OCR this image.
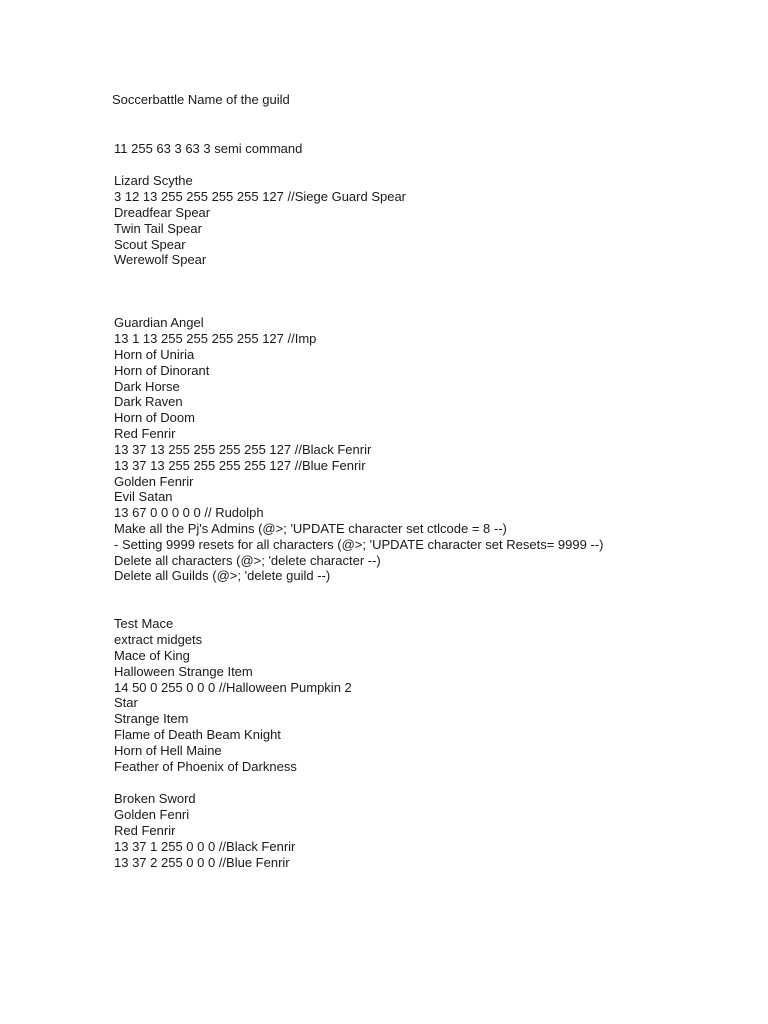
Soccerbattle Name of the guild
11 255 63 3 63 3 semi command
Lizard Scythe
3 12 13 255 255 255 255 127 //Siege Guard Spear
Dreadfear Spear
Twin Tail Spear
Scout Spear
Werewolf Spear
Guardian Angel
13 1 13 255 255 255 255 127 //Imp
Horn of Uniria
Horn of Dinorant
Dark Horse
Dark Raven
Horn of Doom
Red Fenrir
13 37 13 255 255 255 255 127 //Black Fenrir
13 37 13 255 255 255 255 127 //Blue Fenrir
Golden Fenrir
Evil Satan
13 67 0 0 0 0 0 // Rudolph
Make all the Pj's Admins (@>; 'UPDATE character set ctlcode = 8 --)
- Setting 9999 resets for all characters (@>; 'UPDATE character set Resets= 9999 --)
Delete all characters (@>; 'delete character --)
Delete all Guilds (@>; 'delete guild --)
Test Mace
extract midgets
Mace of King
Halloween Strange Item
14 50 0 255 0 0 0 //Halloween Pumpkin 2
Star
Strange Item
Flame of Death Beam Knight
Horn of Hell Maine
Feather of Phoenix of Darkness
Broken Sword
Golden Fenri
Red Fenrir
13 37 1 255 0 0 0 //Black Fenrir
13 37 2 255 0 0 0 //Blue Fenrir
